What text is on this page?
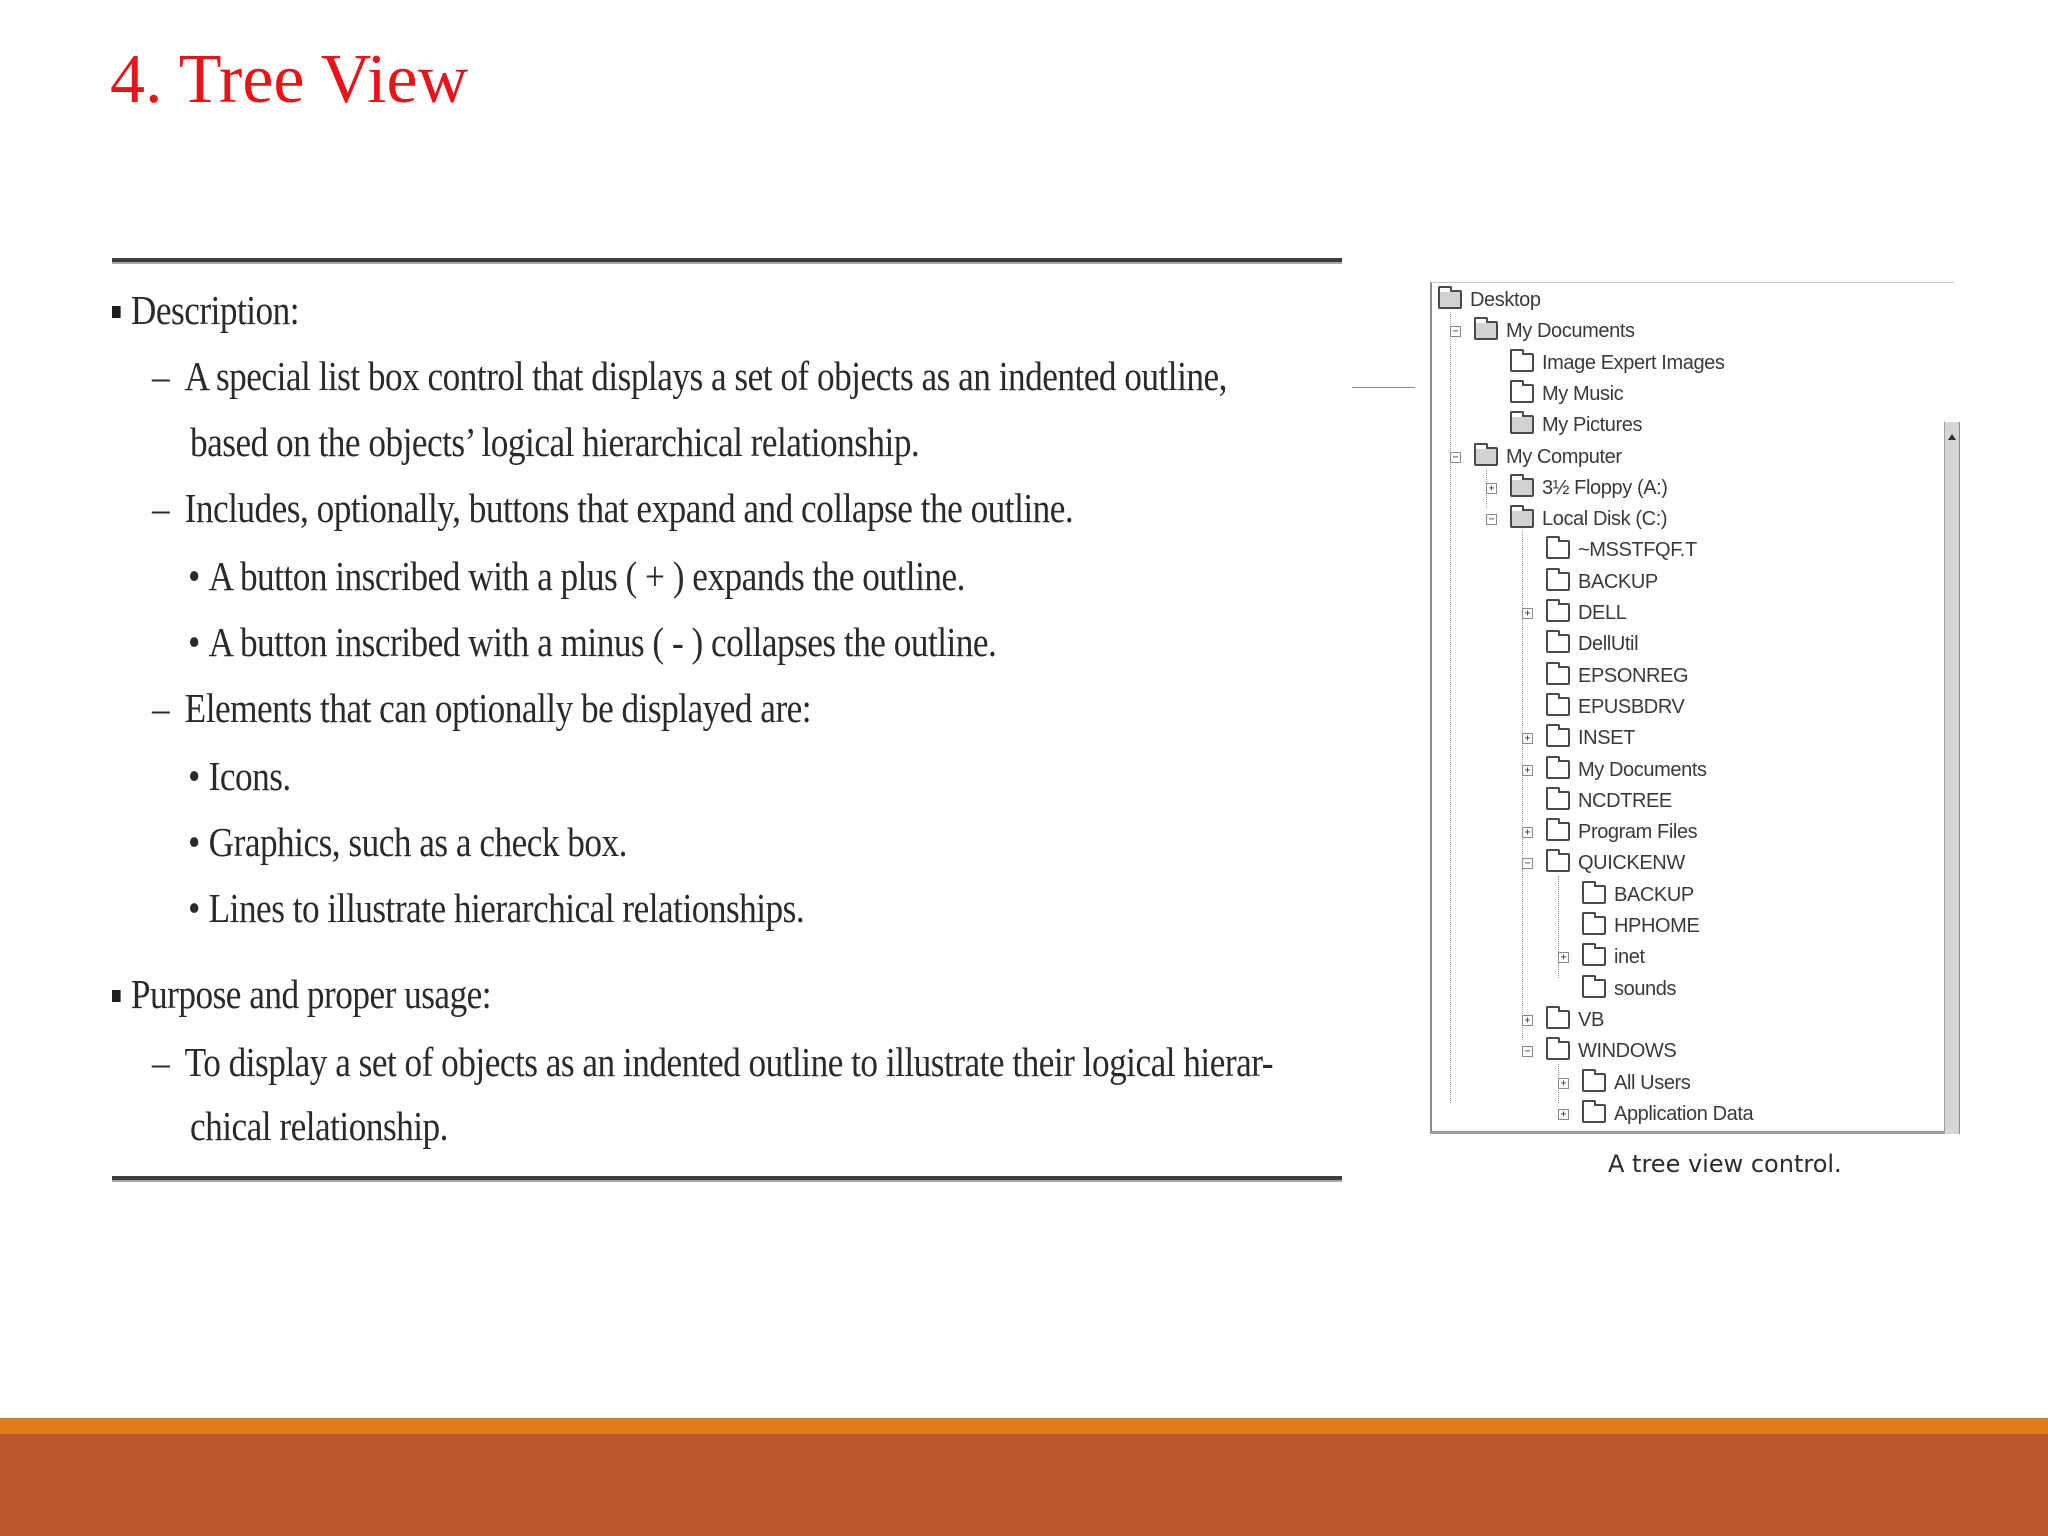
4. Tree View
Description:
– A special list box control that displays a set of objects as an indented outline,
based on the objects’ logical hierarchical relationship.
– Includes, optionally, buttons that expand and collapse the outline.
• A button inscribed with a plus ( + ) expands the outline.
• A button inscribed with a minus ( - ) collapses the outline.
– Elements that can optionally be displayed are:
• Icons.
• Graphics, such as a check box.
• Lines to illustrate hierarchical relationships.
Purpose and proper usage:
– To display a set of objects as an indented outline to illustrate their logical hierar-
chical relationship.
Desktop
My Documents
−
Image Expert Images
My Music
My Pictures
My Computer
−
3½ Floppy (A:)
+
Local Disk (C:)
−
~MSSTFQF.T
BACKUP
DELL
+
DellUtil
EPSONREG
EPUSBDRV
INSET
+
My Documents
+
NCDTREE
Program Files
+
QUICKENW
−
BACKUP
HPHOME
inet
+
sounds
VB
+
WINDOWS
−
All Users
+
Application Data
+
A tree view control.
